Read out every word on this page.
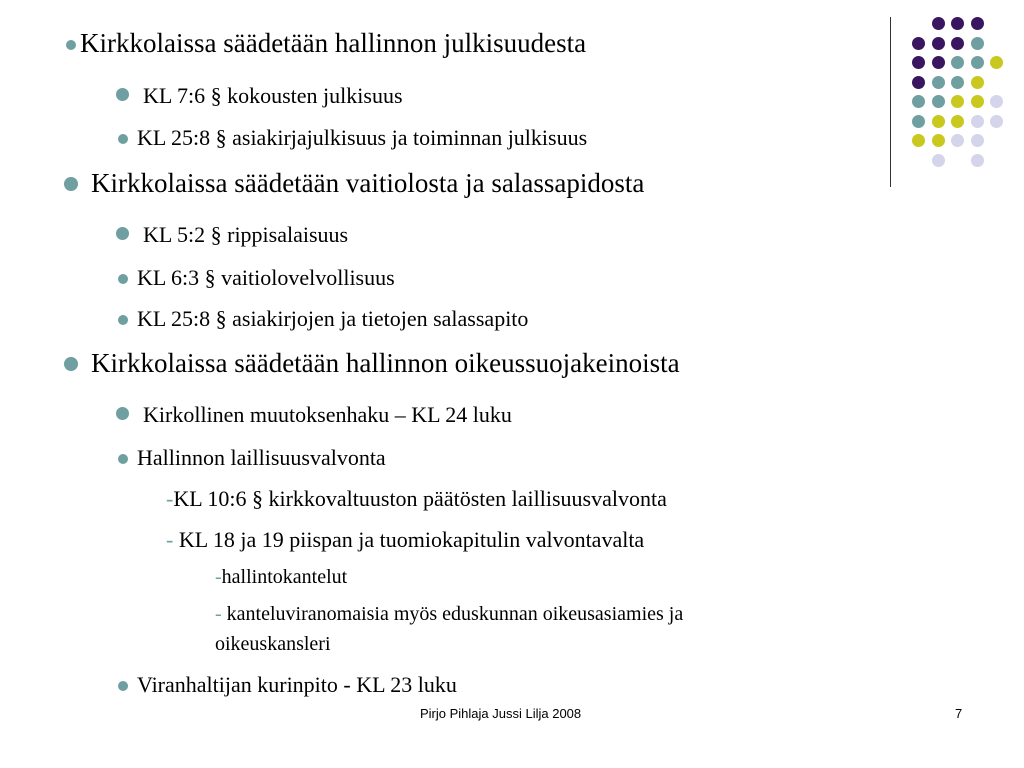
Kirkkolaissa säädetään hallinnon julkisuudesta
KL 7:6 § kokousten julkisuus
KL 25:8 § asiakirjajulkisuus ja toiminnan julkisuus
Kirkkolaissa säädetään vaitiolosta ja salassapidosta
KL 5:2 § rippisalaisuus
KL 6:3 § vaitiolovelvollisuus
KL 25:8 § asiakirjojen ja tietojen salassapito
Kirkkolaissa säädetään hallinnon oikeussuojakeinoista
Kirkollinen muutoksenhaku – KL 24 luku
Hallinnon laillisuusvalvonta
-KL 10:6 § kirkkovaltuuston päätösten laillisuusvalvonta
- KL 18 ja 19 piispan ja tuomiokapitulin valvontavalta
-hallintokantelut
- kanteluviranomaisia myös eduskunnan oikeusasiamies ja
oikeuskansleri
Viranhaltijan kurinpito - KL 23 luku
Pirjo Pihlaja Jussi Lilja 2008	7
